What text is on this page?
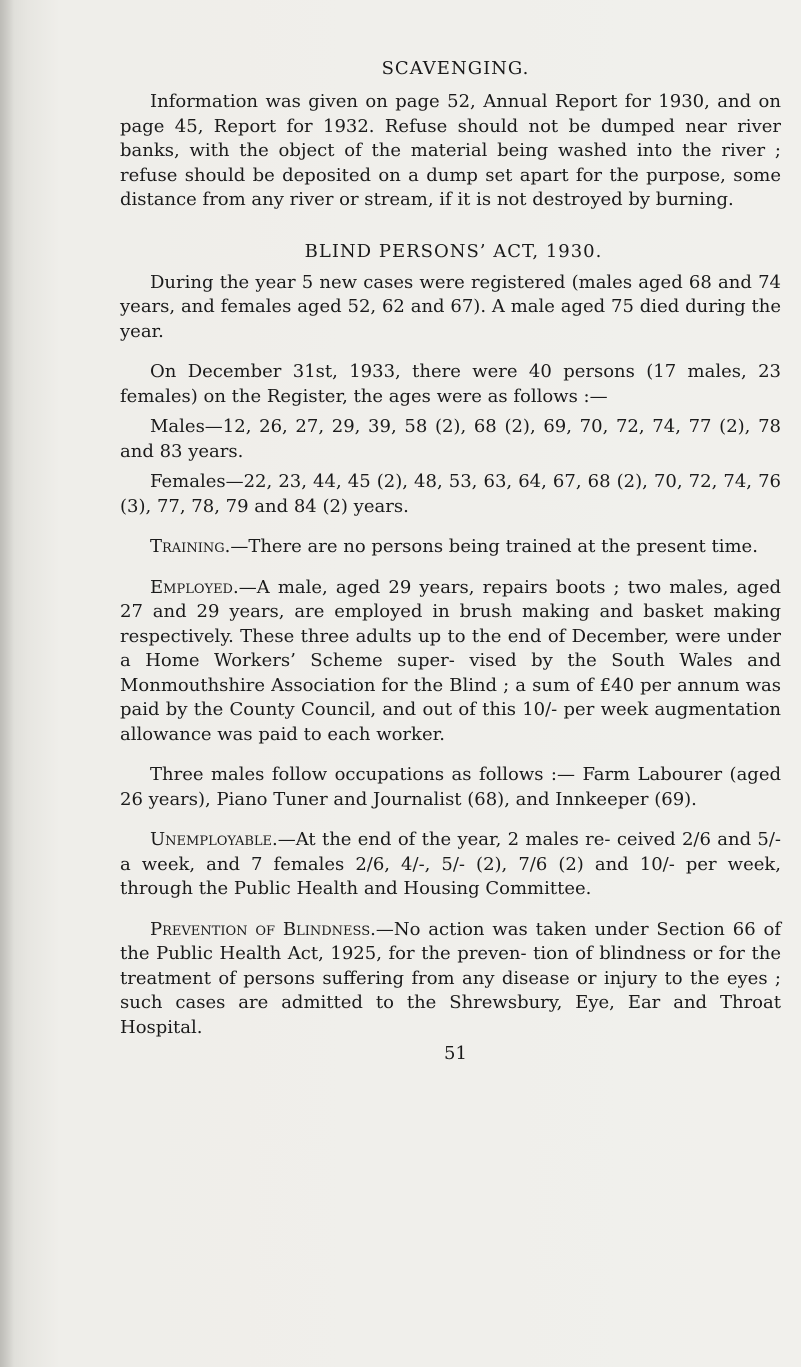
SCAVENGING.

Information was given on page 52, Annual Report for 1930, and on page 45, Report for 1932. Refuse should not be dumped near river banks, with the object of the material being washed into the river ; refuse should be deposited on a dump set apart for the purpose, some distance from any river or stream, if it is not destroyed by burning.

BLIND PERSONS’ ACT, 1930.

During the year 5 new cases were registered (males aged 68 and 74 years, and females aged 52, 62 and 67). A male aged 75 died during the year.

On December 31st, 1933, there were 40 persons (17 males, 23 females) on the Register, the ages were as follows :—

Males—12, 26, 27, 29, 39, 58 (2), 68 (2), 69, 70, 72, 74, 77 (2), 78 and 83 years.

Females—22, 23, 44, 45 (2), 48, 53, 63, 64, 67, 68 (2), 70, 72, 74, 76 (3), 77, 78, 79 and 84 (2) years.

Training.—There are no persons being trained at the present time.

Employed.—A male, aged 29 years, repairs boots ; two males, aged 27 and 29 years, are employed in brush making and basket making respectively. These three adults up to the end of December, were under a Home Workers’ Scheme super- vised by the South Wales and Monmouthshire Association for the Blind ; a sum of £40 per annum was paid by the County Council, and out of this 10/- per week augmentation allowance was paid to each worker.

Three males follow occupations as follows :— Farm Labourer (aged 26 years), Piano Tuner and Journalist (68), and Innkeeper (69).

Unemployable.—At the end of the year, 2 males re- ceived 2/6 and 5/- a week, and 7 females 2/6, 4/-, 5/- (2), 7/6 (2) and 10/- per week, through the Public Health and Housing Committee.

Prevention of Blindness.—No action was taken under Section 66 of the Public Health Act, 1925, for the preven- tion of blindness or for the treatment of persons suffering from any disease or injury to the eyes ; such cases are admitted to the Shrewsbury, Eye, Ear and Throat Hospital.

51
